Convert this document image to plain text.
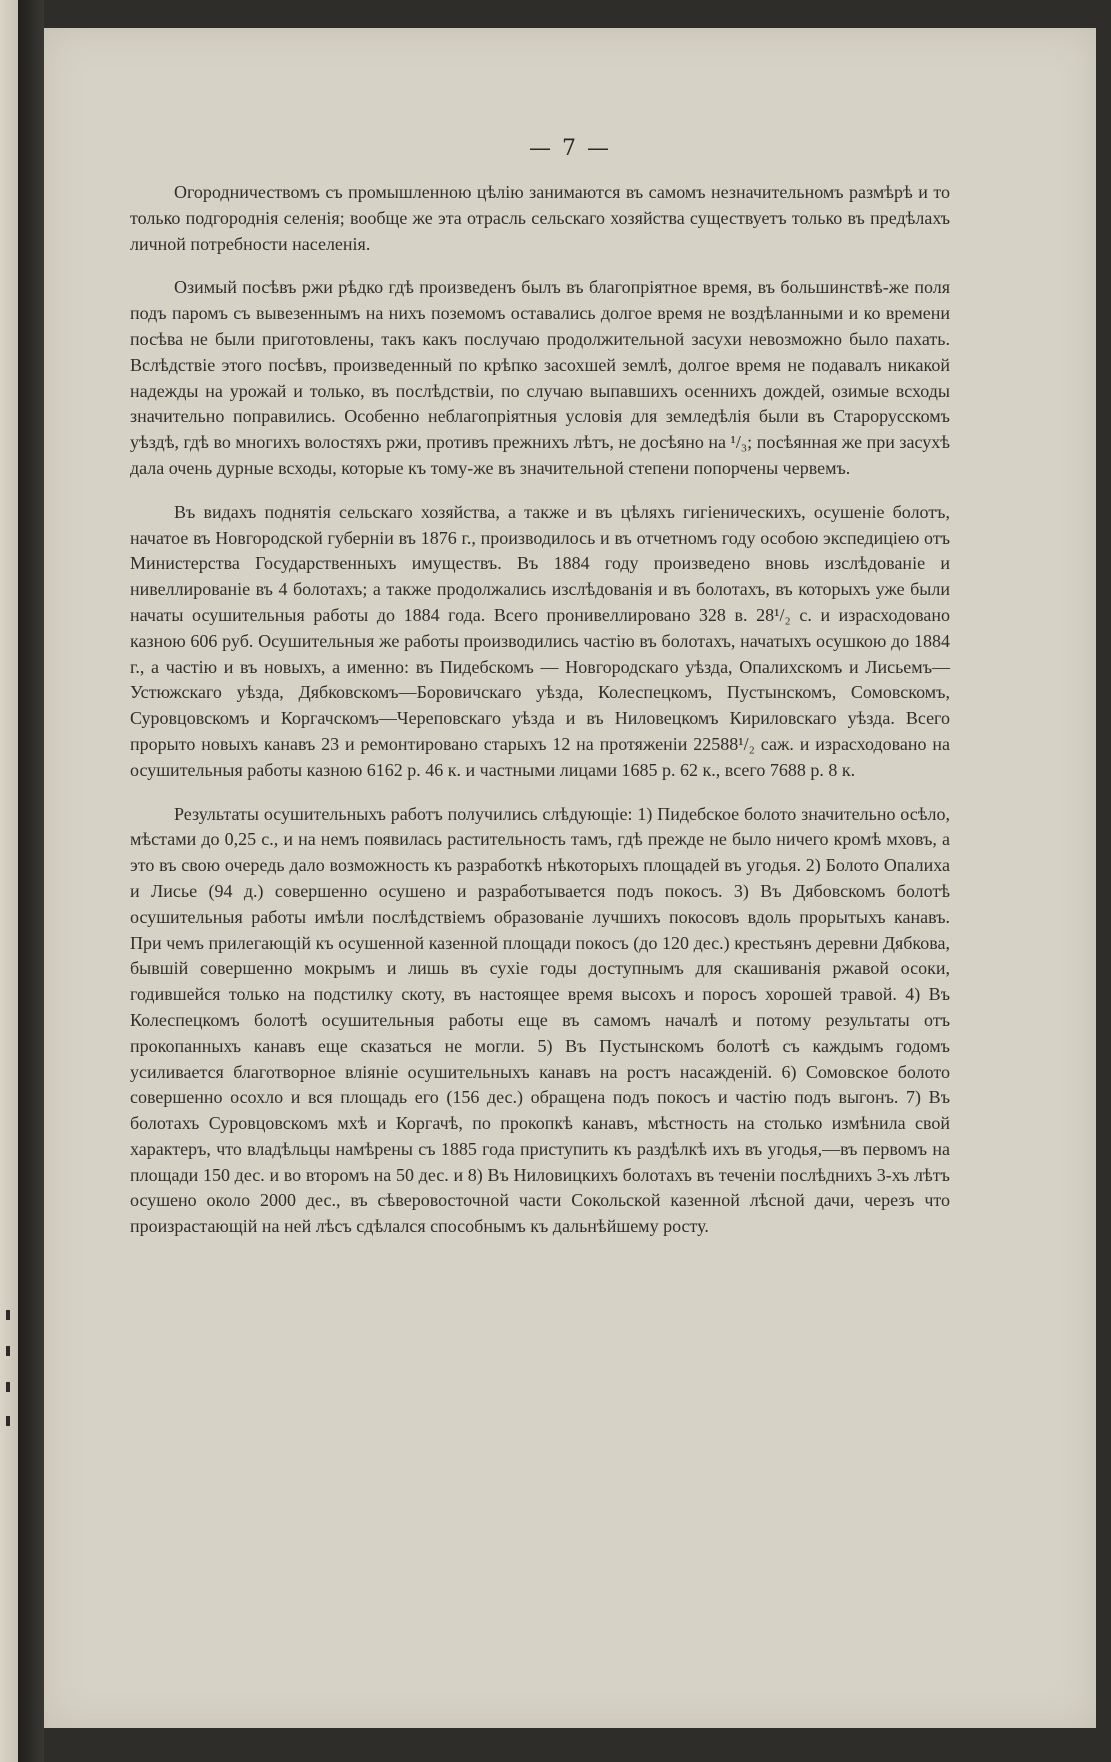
— 7 —

Огородничествомъ съ промышленною цѣлію занимаются въ самомъ незначительномъ размѣрѣ и то только подгороднія селенія; вообще же эта отрасль сельскаго хозяйства существуетъ только въ предѣлахъ личной потребности населенія.

Озимый посѣвъ ржи рѣдко гдѣ произведенъ былъ въ благопріятное время, въ большинствѣ-же поля подъ паромъ съ вывезеннымъ на нихъ поземомъ оставались долгое время не воздѣланными и ко времени посѣва не были приготовлены, такъ какъ послучаю продолжительной засухи невозможно было пахать. Вслѣдствіе этого посѣвъ, произведенный по крѣпко засохшей землѣ, долгое время не подавалъ никакой надежды на урожай и только, въ послѣдствіи, по случаю выпавшихъ осеннихъ дождей, озимые всходы значительно поправились. Особенно неблагопріятныя условія для земледѣлія были въ Старорусскомъ уѣздѣ, гдѣ во многихъ волостяхъ ржи, противъ прежнихъ лѣтъ, не досѣяно на ¹/₃; посѣянная же при засухѣ дала очень дурные всходы, которые къ тому-же въ значительной степени попорчены червемъ.

Въ видахъ поднятія сельскаго хозяйства, а также и въ цѣляхъ гигіеническихъ, осушеніе болотъ, начатое въ Новгородской губерніи въ 1876 г., производилось и въ отчетномъ году особою экспедиціею отъ Министерства Государственныхъ имуществъ. Въ 1884 году произведено вновь изслѣдованіе и нивеллированіе въ 4 болотахъ; а также продолжались изслѣдованія и въ болотахъ, въ которыхъ уже были начаты осушительныя работы до 1884 года. Всего пронивеллировано 328 в. 28¹/₂ с. и израсходовано казною 606 руб. Осушительныя же работы производились частію въ болотахъ, начатыхъ осушкою до 1884 г., а частію и въ новыхъ, а именно: въ Пидебскомъ — Новгородскаго уѣзда, Опалихскомъ и Лисьемъ—Устюжскаго уѣзда, Дябковскомъ—Боровичскаго уѣзда, Колеспецкомъ, Пустынскомъ, Сомовскомъ, Суровцовскомъ и Коргачскомъ—Череповскаго уѣзда и въ Ниловецкомъ Кириловскаго уѣзда. Всего прорыто новыхъ канавъ 23 и ремонтировано старыхъ 12 на протяженіи 22588¹/₂ саж. и израсходовано на осушительныя работы казною 6162 р. 46 к. и частными лицами 1685 р. 62 к., всего 7688 р. 8 к.

Результаты осушительныхъ работъ получились слѣдующіе: 1) Пидебское болото значительно осѣло, мѣстами до 0,25 с., и на немъ появилась растительность тамъ, гдѣ прежде не было ничего кромѣ мховъ, а это въ свою очередь дало возможность къ разработкѣ нѣкоторыхъ площадей въ угодья. 2) Болото Опалиха и Лисье (94 д.) совершенно осушено и разработывается подъ покосъ. 3) Въ Дябовскомъ болотѣ осушительныя работы имѣли послѣдствіемъ образованіе лучшихъ покосовъ вдоль прорытыхъ канавъ. При чемъ прилегающій къ осушенной казенной площади покосъ (до 120 дес.) крестьянъ деревни Дябкова, бывшій совершенно мокрымъ и лишь въ сухіе годы доступнымъ для скашиванія ржавой осоки, годившейся только на подстилку скоту, въ настоящее время высохъ и поросъ хорошей травой. 4) Въ Колеспецкомъ болотѣ осушительныя работы еще въ самомъ началѣ и потому результаты отъ прокопанныхъ канавъ еще сказаться не могли. 5) Въ Пустынскомъ болотѣ съ каждымъ годомъ усиливается благотворное вліяніе осушительныхъ канавъ на ростъ насажденій. 6) Сомовское болото совершенно осохло и вся площадь его (156 дес.) обращена подъ покосъ и частію подъ выгонъ. 7) Въ болотахъ Суровцовскомъ мхѣ и Коргачѣ, по прокопкѣ канавъ, мѣстность на столько измѣнила свой характеръ, что владѣльцы намѣрены съ 1885 года приступить къ раздѣлкѣ ихъ въ угодья,—въ первомъ на площади 150 дес. и во второмъ на 50 дес. и 8) Въ Ниловицкихъ болотахъ въ теченіи послѣднихъ 3-хъ лѣтъ осушено около 2000 дес., въ сѣверовосточной части Сокольской казенной лѣсной дачи, черезъ что произрастающій на ней лѣсъ сдѣлался способнымъ къ дальнѣйшему росту.
